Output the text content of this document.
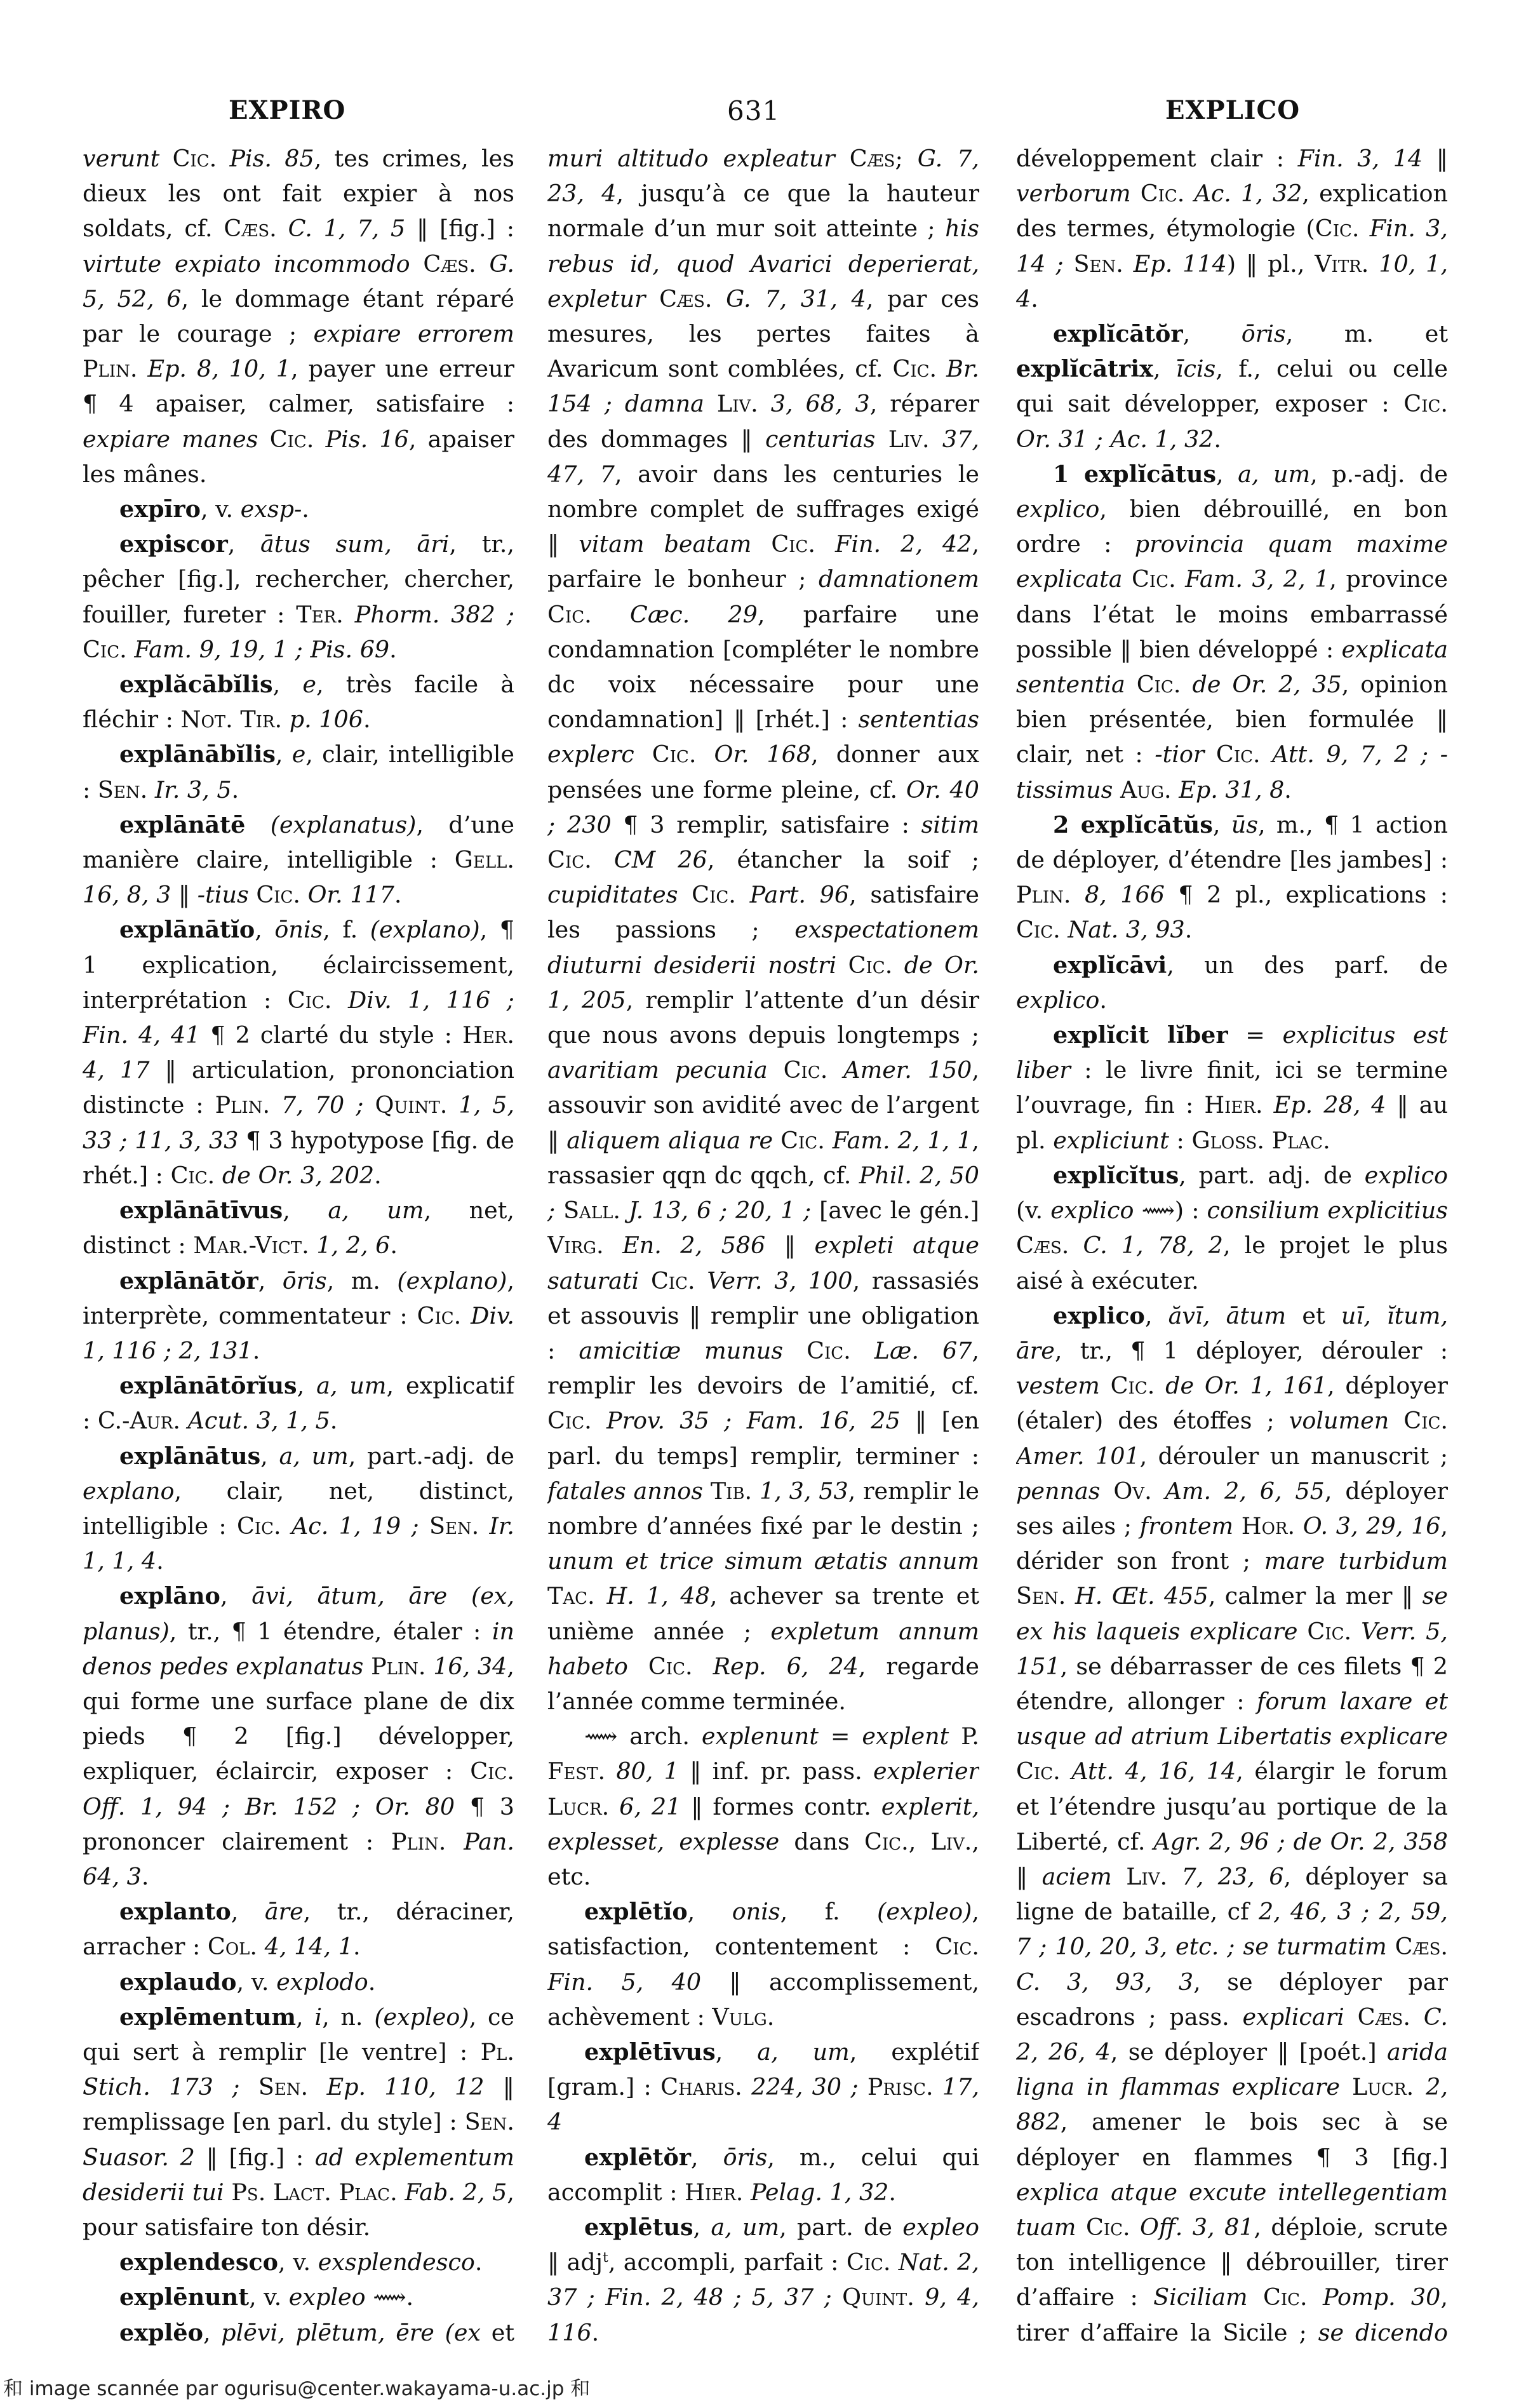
EXPIRO	631	EXPLICO

verunt Cic. Pis. 85, tes crimes, les dieux les ont fait expier à nos soldats, cf. Cæs. C. 1, 7, 5 ‖ [fig.] : virtute expiato incommodo Cæs. G. 5, 52, 6, le dommage étant réparé par le courage ; expiare errorem Plin. Ep. 8, 10, 1, payer une erreur ¶ 4 apaiser, calmer, satisfaire : expiare manes Cic. Pis. 16, apaiser les mânes.

expīro, v. exsp-.

expiscor, ātus sum, āri, tr., pêcher [fig.], rechercher, chercher, fouiller, fureter : Ter. Phorm. 382 ; Cic. Fam. 9, 19, 1 ; Pis. 69.

explăcābĭlis, e, très facile à fléchir : Not. Tir. p. 106.

explānābĭlis, e, clair, intelligible : Sen. Ir. 3, 5.

explānātē (explanatus), d’une manière claire, intelligible : Gell. 16, 8, 3 ‖ -tius Cic. Or. 117.

explānātĭo, ōnis, f. (explano), ¶ 1 explication, éclaircissement, interprétation : Cic. Div. 1, 116 ; Fin. 4, 41 ¶ 2 clarté du style : Her. 4, 17 ‖ articulation, prononciation distincte : Plin. 7, 70 ; Quint. 1, 5, 33 ; 11, 3, 33 ¶ 3 hypotypose [fig. de rhét.] : Cic. de Or. 3, 202.

explānātīvus, a, um, net, distinct : Mar.-Vict. 1, 2, 6.

explānātŏr, ōris, m. (explano), interprète, commentateur : Cic. Div. 1, 116 ; 2, 131.

explānātōrĭus, a, um, explicatif : C.-Aur. Acut. 3, 1, 5.

explānātus, a, um, part.-adj. de explano, clair, net, distinct, intelligible : Cic. Ac. 1, 19 ; Sen. Ir. 1, 1, 4.

explāno, āvi, ātum, āre (ex, planus), tr., ¶ 1 étendre, étaler : in denos pedes explanatus Plin. 16, 34, qui forme une surface plane de dix pieds ¶ 2 [fig.] développer, expliquer, éclaircir, exposer : Cic. Off. 1, 94 ; Br. 152 ; Or. 80 ¶ 3 prononcer clairement : Plin. Pan. 64, 3.

explanto, āre, tr., déraciner, arracher : Col. 4, 14, 1.

explaudo, v. explodo.

explēmentum, i, n. (expleo), ce qui sert à remplir [le ventre] : Pl. Stich. 173 ; Sen. Ep. 110, 12 ‖ remplissage [en parl. du style] : Sen. Suasor. 2 ‖ [fig.] : ad explementum desiderii tui Ps. Lact. Plac. Fab. 2, 5, pour satisfaire ton désir.

explendesco, v. exsplendesco.

explēnunt, v. expleo ⟿.

explĕo, plēvi, plētum, ēre (ex et

muri altitudo expleatur Cæs; G. 7, 23, 4, jusqu’à ce que la hauteur normale d’un mur soit atteinte ; his rebus id, quod Avarici deperierat, expletur Cæs. G. 7, 31, 4, par ces mesures, les pertes faites à Avaricum sont comblées, cf. Cic. Br. 154 ; damna Liv. 3, 68, 3, réparer des dommages ‖ centurias Liv. 37, 47, 7, avoir dans les centuries le nombre complet de suffrages exigé ‖ vitam beatam Cic. Fin. 2, 42, parfaire le bonheur ; damnationem Cic. Cæc. 29, parfaire une condamnation [compléter le nombre dc voix nécessaire pour une condamnation] ‖ [rhét.] : sententias explerc Cic. Or. 168, donner aux pensées une forme pleine, cf. Or. 40 ; 230 ¶ 3 remplir, satisfaire : sitim Cic. CM 26, étancher la soif ; cupiditates Cic. Part. 96, satisfaire les passions ; exspectationem diuturni desiderii nostri Cic. de Or. 1, 205, remplir l’attente d’un désir que nous avons depuis longtemps ; avaritiam pecunia Cic. Amer. 150, assouvir son avidité avec de l’argent ‖ aliquem aliqua re Cic. Fam. 2, 1, 1, rassasier qqn dc qqch, cf. Phil. 2, 50 ; Sall. J. 13, 6 ; 20, 1 ; [avec le gén.] Virg. En. 2, 586 ‖ expleti atque saturati Cic. Verr. 3, 100, rassasiés et assouvis ‖ remplir une obligation : amicitiæ munus Cic. Læ. 67, remplir les devoirs de l’amitié, cf. Cic. Prov. 35 ; Fam. 16, 25 ‖ [en parl. du temps] remplir, terminer : fatales annos Tib. 1, 3, 53, remplir le nombre d’années fixé par le destin ; unum et trice simum ætatis annum Tac. H. 1, 48, achever sa trente et unième année ; expletum annum habeto Cic. Rep. 6, 24, regarde l’année comme terminée.

⟿ arch. explenunt = explent P. Fest. 80, 1 ‖ inf. pr. pass. explerier Lucr. 6, 21 ‖ formes contr. explerit, explesset, explesse dans Cic., Liv., etc.

explētĭo, onis, f. (expleo), satisfaction, contentement : Cic. Fin. 5, 40 ‖ accomplissement, achèvement : Vulg.

explētīvus, a, um, explétif [gram.] : Charis. 224, 30 ; Prisc. 17, 4

explētŏr, ōris, m., celui qui accomplit : Hier. Pelag. 1, 32.

explētus, a, um, part. de expleo ‖ adj$^t$, accompli, parfait : Cic. Nat. 2, 37 ; Fin. 2, 48 ; 5, 37 ; Quint. 9, 4, 116.

développement clair : Fin. 3, 14 ‖ verborum Cic. Ac. 1, 32, explication des termes, étymologie (Cic. Fin. 3, 14 ; Sen. Ep. 114) ‖ pl., Vitr. 10, 1, 4.

explĭcātŏr, ōris, m. et explĭcātrix, īcis, f., celui ou celle qui sait développer, exposer : Cic. Or. 31 ; Ac. 1, 32.

1 explĭcātus, a, um, p.-adj. de explico, bien débrouillé, en bon ordre : provincia quam maxime explicata Cic. Fam. 3, 2, 1, province dans l’état le moins embarrassé possible ‖ bien développé : explicata sententia Cic. de Or. 2, 35, opinion bien présentée, bien formulée ‖ clair, net : -tior Cic. Att. 9, 7, 2 ; -tissimus Aug. Ep. 31, 8.

2 explĭcātŭs, ūs, m., ¶ 1 action de déployer, d’étendre [les jambes] : Plin. 8, 166 ¶ 2 pl., explications : Cic. Nat. 3, 93.

explĭcāvi, un des parf. de explico.

explĭcit lĭber = explicitus est liber : le livre finit, ici se termine l’ouvrage, fin : Hier. Ep. 28, 4 ‖ au pl. expliciunt : Gloss. Plac.

explĭcĭtus, part. adj. de explico (v. explico ⟿) : consilium explicitius Cæs. C. 1, 78, 2, le projet le plus aisé à exécuter.

explico, ăvī, ātum et uī, ĭtum, āre, tr., ¶ 1 déployer, dérouler : vestem Cic. de Or. 1, 161, déployer (étaler) des étoffes ; volumen Cic. Amer. 101, dérouler un manuscrit ; pennas Ov. Am. 2, 6, 55, déployer ses ailes ; frontem Hor. O. 3, 29, 16, dérider son front ; mare turbidum Sen. H. Œt. 455, calmer la mer ‖ se ex his laqueis explicare Cic. Verr. 5, 151, se débarrasser de ces filets ¶ 2 étendre, allonger : forum laxare et usque ad atrium Libertatis explicare Cic. Att. 4, 16, 14, élargir le forum et l’étendre jusqu’au portique de la Liberté, cf. Agr. 2, 96 ; de Or. 2, 358 ‖ aciem Liv. 7, 23, 6, déployer sa ligne de bataille, cf 2, 46, 3 ; 2, 59, 7 ; 10, 20, 3, etc. ; se turmatim Cæs. C. 3, 93, 3, se déployer par escadrons ; pass. explicari Cæs. C. 2, 26, 4, se déployer ‖ [poét.] arida ligna in flammas explicare Lucr. 2, 882, amener le bois sec à se déployer en flammes ¶ 3 [fig.] explica atque excute intellegentiam tuam Cic. Off. 3, 81, déploie, scrute ton intelligence ‖ débrouiller, tirer d’affaire : Siciliam Cic. Pomp. 30, tirer d’affaire la Sicile ; se dicendo

和 image scannée par ogurisu@center.wakayama-u.ac.jp 和
